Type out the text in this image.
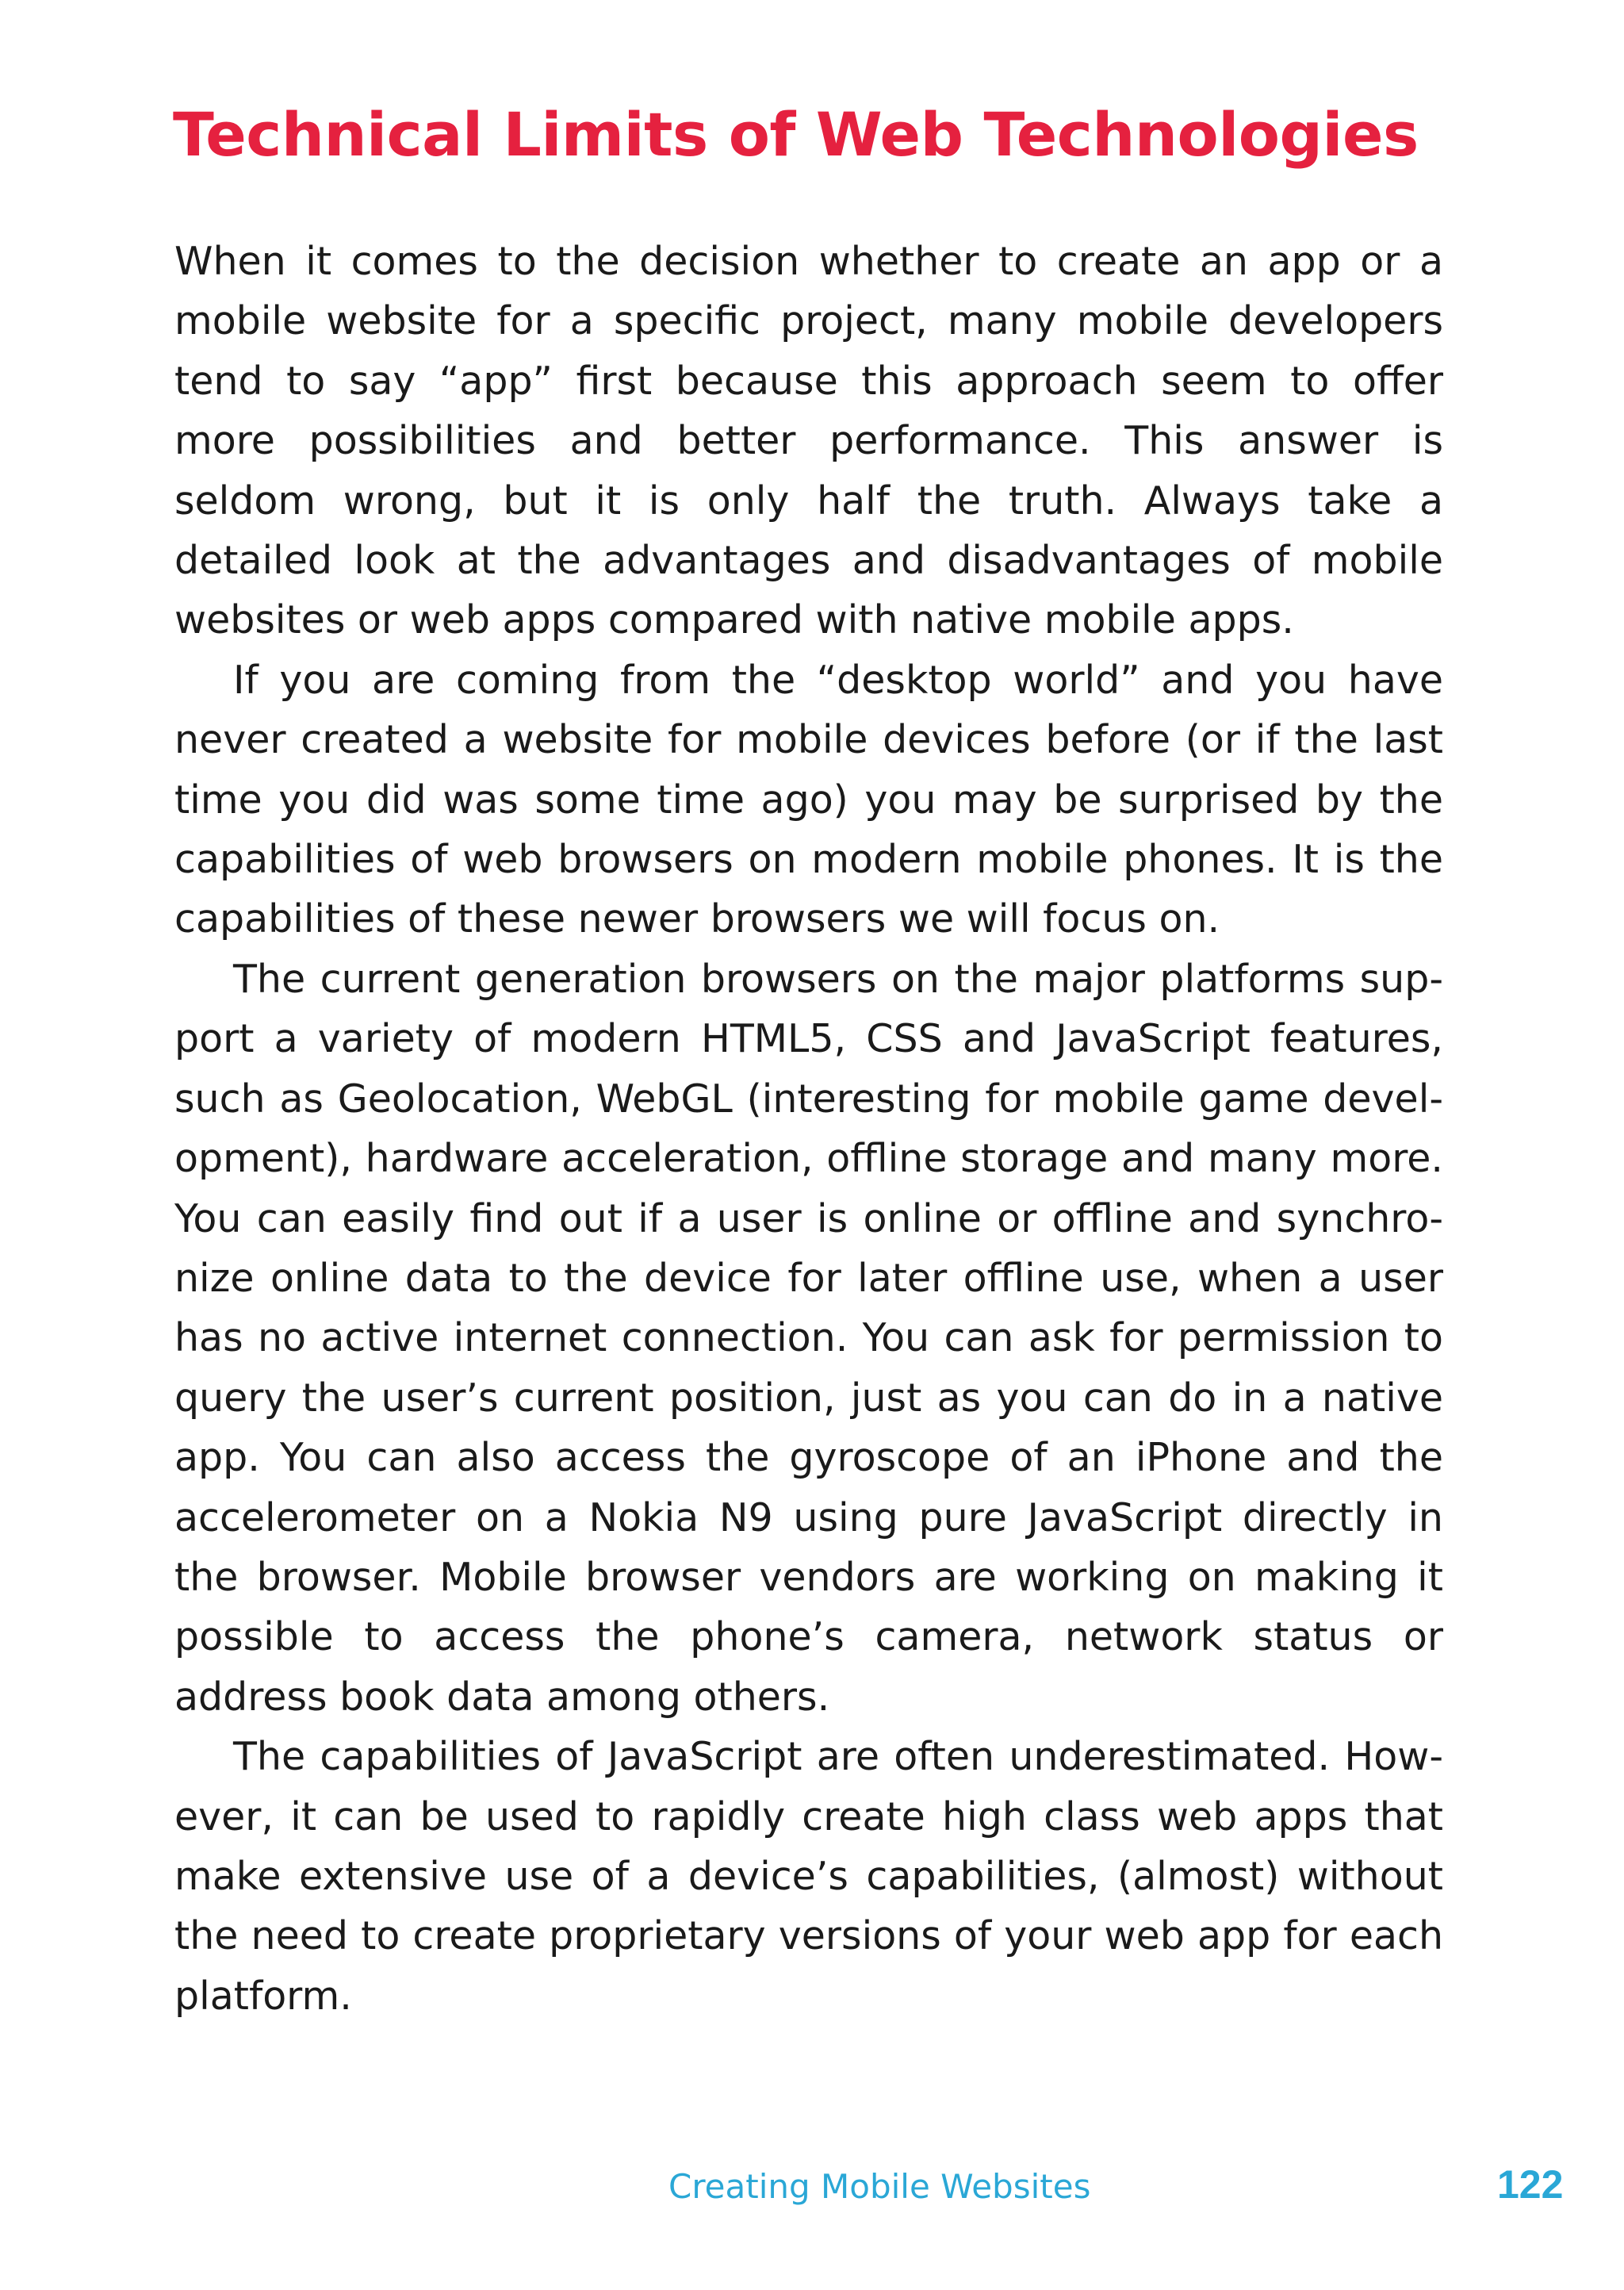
Technical Limits of Web Technologies

When it comes to the decision whether to create an app or a mobile website for a specific project, many mobile developers tend to say “app” first because this approach seem to offer more possibilities and better performance. This answer is seldom wrong, but it is only half the truth. Always take a detailed look at the advantages and disadvantages of mobile websites or web apps compared with native mobile apps.

If you are coming from the “desktop world” and you have never created a website for mobile devices before (or if the last time you did was some time ago) you may be surprised by the capabilities of web browsers on modern mobile phones. It is the capabilities of these newer browsers we will focus on.

The current generation browsers on the major platforms support a variety of modern HTML5, CSS and JavaScript features, such as Geolocation, WebGL (interesting for mobile game development), hardware acceleration, offline storage and many more. You can easily find out if a user is online or offline and synchronize online data to the device for later offline use, when a user has no active internet connection. You can ask for permission to query the user’s current position, just as you can do in a native app. You can also access the gyroscope of an iPhone and the accelerometer on a Nokia N9 using pure JavaScript directly in the browser. Mobile browser vendors are working on making it possible to access the phone’s camera, network status or address book data among others.

The capabilities of JavaScript are often underestimated. However, it can be used to rapidly create high class web apps that make extensive use of a device’s capabilities, (almost) without the need to create proprietary versions of your web app for each platform.

Creating Mobile Websites	122
